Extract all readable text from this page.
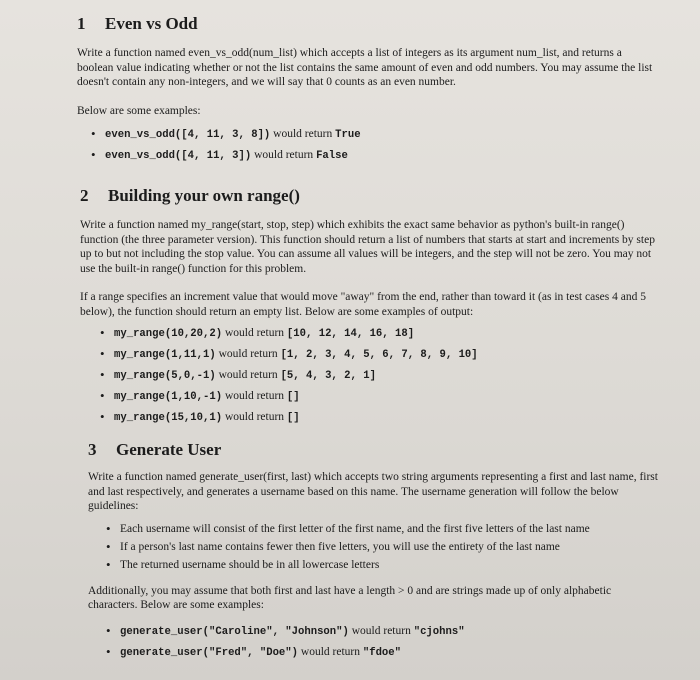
1 Even vs Odd

Write a function named even_vs_odd(num_list) which accepts a list of integers as its argument num_list, and returns a boolean value indicating whether or not the list contains the same amount of even and odd numbers. You may assume the list doesn't contain any non-integers, and we will say that 0 counts as an even number.

Below are some examples:

• even_vs_odd([4, 11, 3, 8]) would return True
• even_vs_odd([4, 11, 3]) would return False
2 Building your own range()

Write a function named my_range(start, stop, step) which exhibits the exact same behavior as python's built-in range() function (the three parameter version). This function should return a list of numbers that starts at start and increments by step up to but not including the stop value. You can assume all values will be integers, and the step will not be zero. You may not use the built-in range() function for this problem.

If a range specifies an increment value that would move "away" from the end, rather than toward it (as in test cases 4 and 5 below), the function should return an empty list. Below are some examples of output:

• my_range(10,20,2) would return [10, 12, 14, 16, 18]
• my_range(1,11,1) would return [1, 2, 3, 4, 5, 6, 7, 8, 9, 10]
• my_range(5,0,-1) would return [5, 4, 3, 2, 1]
• my_range(1,10,-1) would return []
• my_range(15,10,1) would return []
3 Generate User

Write a function named generate_user(first, last) which accepts two string arguments representing a first and last name, first and last respectively, and generates a username based on this name. The username generation will follow the below guidelines:

• Each username will consist of the first letter of the first name, and the first five letters of the last name
• If a person's last name contains fewer then five letters, you will use the entirety of the last name
• The returned username should be in all lowercase letters

Additionally, you may assume that both first and last have a length > 0 and are strings made up of only alphabetic characters. Below are some examples:

• generate_user("Caroline", "Johnson") would return "cjohns"
• generate_user("Fred", "Doe") would return "fdoe"
